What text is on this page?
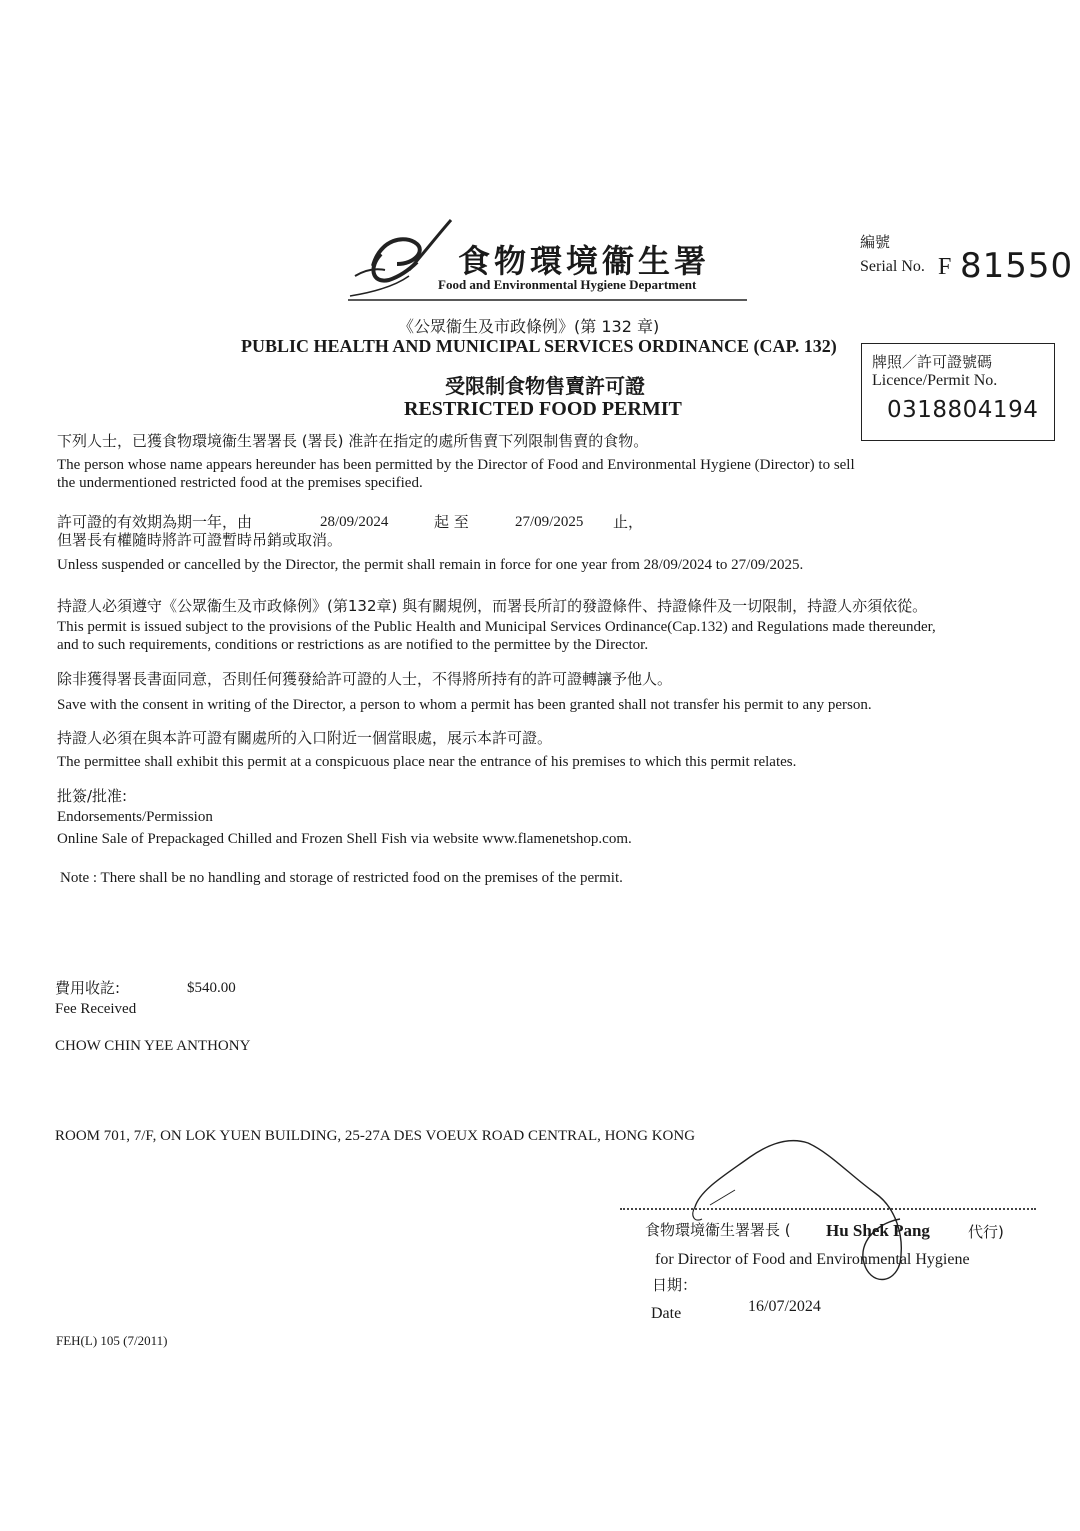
食物環境衞生署
Food and Environmental Hygiene Department
編號
Serial No. F 81550
《公眾衞生及市政條例》(第 132 章)
PUBLIC HEALTH AND MUNICIPAL SERVICES ORDINANCE (CAP. 132)
受限制食物售賣許可證
RESTRICTED FOOD PERMIT
牌照／許可證號碼
Licence/Permit No.
0318804194
下列人士，已獲食物環境衞生署署長 (署長) 准許在指定的處所售賣下列限制售賣的食物。
The person whose name appears hereunder has been permitted by the Director of Food and Environmental Hygiene (Director) to sell
the undermentioned restricted food at the premises specified.
許可證的有效期為期一年，由	28/09/2024	起 至	27/09/2025 止，
但署長有權隨時將許可證暫時吊銷或取消。
Unless suspended or cancelled by the Director, the permit shall remain in force for one year from 28/09/2024 to 27/09/2025.
持證人必須遵守《公眾衞生及市政條例》(第132章) 與有關規例，而署長所訂的發證條件、持證條件及一切限制，持證人亦須依從。
This permit is issued subject to the provisions of the Public Health and Municipal Services Ordinance(Cap.132) and Regulations made thereunder,
and to such requirements, conditions or restrictions as are notified to the permittee by the Director.
除非獲得署長書面同意，否則任何獲發給許可證的人士，不得將所持有的許可證轉讓予他人。
Save with the consent in writing of the Director, a person to whom a permit has been granted shall not transfer his permit to any person.
持證人必須在與本許可證有關處所的入口附近一個當眼處，展示本許可證。
The permittee shall exhibit this permit at a conspicuous place near the entrance of his premises to which this permit relates.
批簽/批准:
Endorsements/Permission
Online Sale of Prepackaged Chilled and Frozen Shell Fish via website www.flamenetshop.com.
Note : There shall be no handling and storage of restricted food on the premises of the permit.
費用收訖:	$540.00
Fee Received
CHOW CHIN YEE ANTHONY
ROOM 701, 7/F, ON LOK YUEN BUILDING, 25-27A DES VOEUX ROAD CENTRAL, HONG KONG
食物環境衞生署署長 ( Hu Shek Pang	代行)
for Director of Food and Environmental Hygiene
日期：
Date	16/07/2024
FEH(L) 105 (7/2011)
